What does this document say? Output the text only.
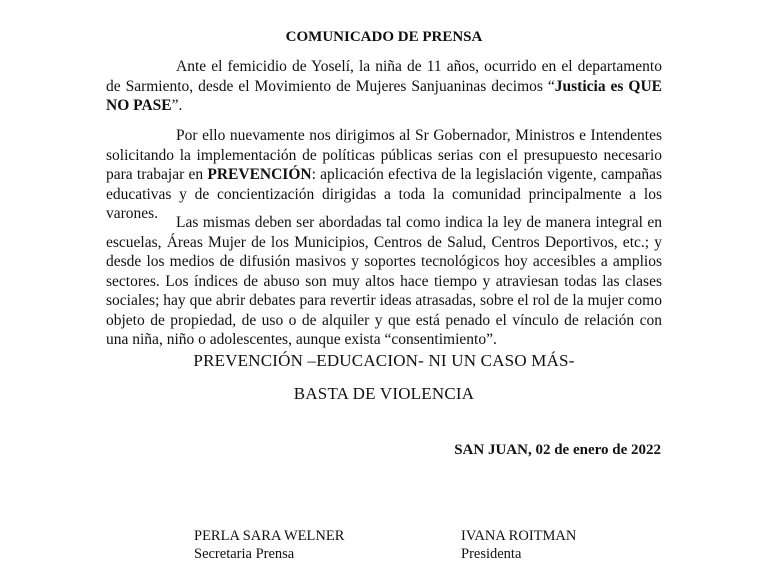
COMUNICADO DE PRENSA

Ante el femicidio de Yoselí, la niña de 11 años, ocurrido en el departamento de Sarmiento, desde el Movimiento de Mujeres Sanjuaninas decimos “Justicia es QUE NO PASE”.

Por ello nuevamente nos dirigimos al Sr Gobernador, Ministros e Intendentes solicitando la implementación de políticas públicas serias con el presupuesto necesario para trabajar en PREVENCIÓN: aplicación efectiva de la legislación vigente, campañas educativas y de concientización dirigidas a toda la comunidad principalmente a los varones.

Las mismas deben ser abordadas tal como indica la ley de manera integral en escuelas, Áreas Mujer de los Municipios, Centros de Salud, Centros Deportivos, etc.; y desde los medios de difusión masivos y soportes tecnológicos hoy accesibles a amplios sectores. Los índices de abuso son muy altos hace tiempo y atraviesan todas las clases sociales; hay que abrir debates para revertir ideas atrasadas, sobre el rol de la mujer como objeto de propiedad, de uso o de alquiler y que está penado el vínculo de relación con una niña, niño o adolescentes, aunque exista “consentimiento”.

PREVENCIÓN –EDUCACION- NI UN CASO MÁS-
BASTA DE VIOLENCIA
SAN JUAN, 02 de enero de 2022
PERLA SARA WELNER
Secretaria Prensa
IVANA ROITMAN
Presidenta
